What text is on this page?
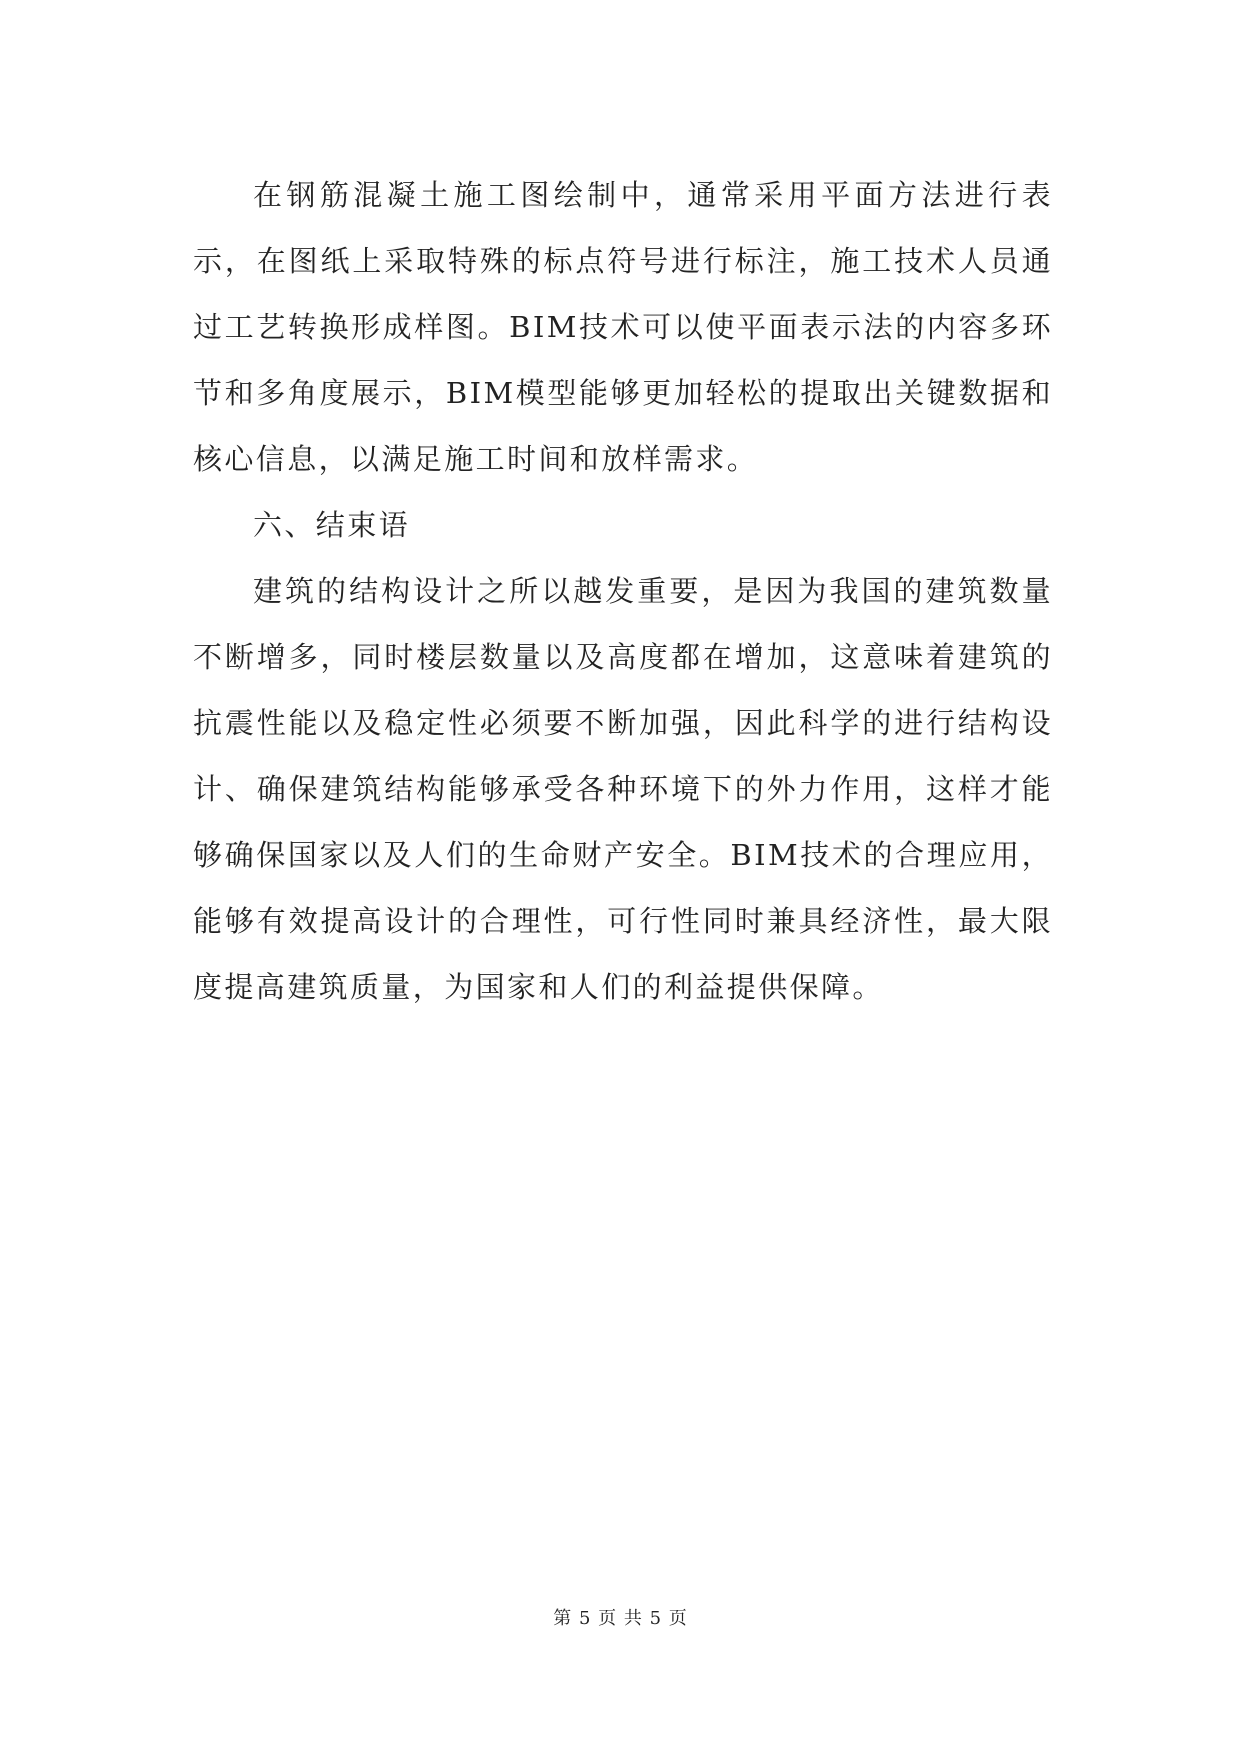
在钢筋混凝土施工图绘制中，通常采用平面方法进行表示，在图纸上采取特殊的标点符号进行标注，施工技术人员通过工艺转换形成样图。BIM技术可以使平面表示法的内容多环节和多角度展示，BIM模型能够更加轻松的提取出关键数据和核心信息，以满足施工时间和放样需求。

六、结束语

建筑的结构设计之所以越发重要，是因为我国的建筑数量不断增多，同时楼层数量以及高度都在增加，这意味着建筑的抗震性能以及稳定性必须要不断加强，因此科学的进行结构设计、确保建筑结构能够承受各种环境下的外力作用，这样才能够确保国家以及人们的生命财产安全。BIM技术的合理应用，能够有效提高设计的合理性，可行性同时兼具经济性，最大限度提高建筑质量，为国家和人们的利益提供保障。

第 5 页 共 5 页
